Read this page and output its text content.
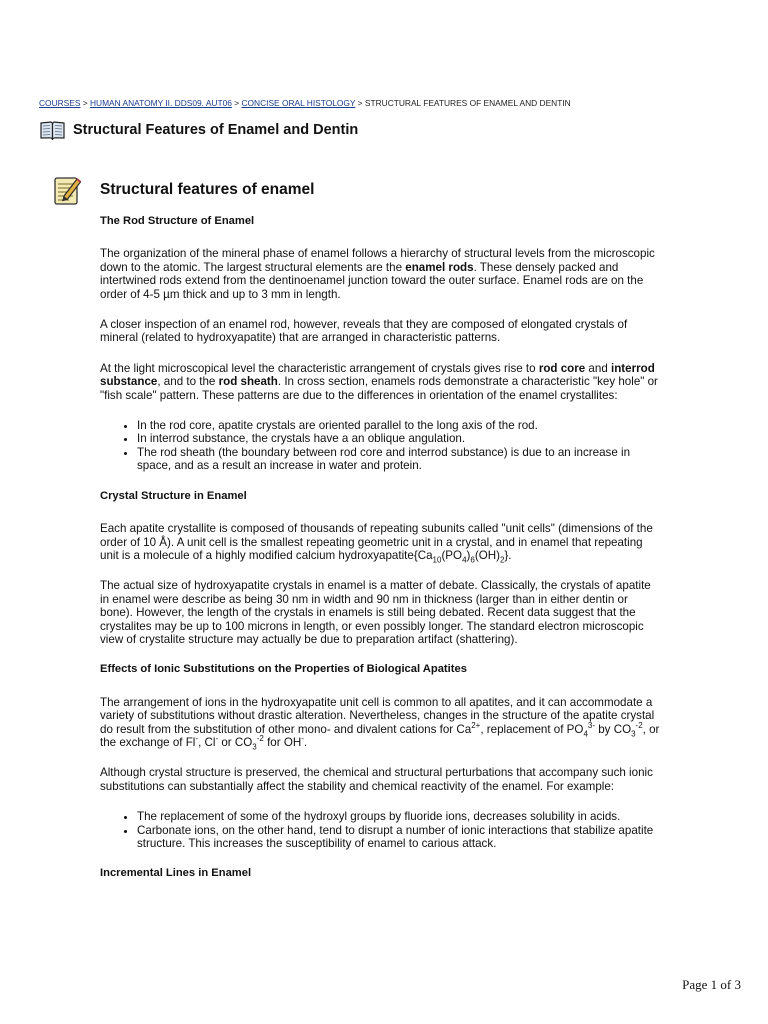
COURSES > HUMAN ANATOMY II. DDS09. AUT06 > CONCISE ORAL HISTOLOGY > STRUCTURAL FEATURES OF ENAMEL AND DENTIN
Structural Features of Enamel and Dentin
Structural features of enamel
The Rod Structure of Enamel

The organization of the mineral phase of enamel follows a hierarchy of structural levels from the microscopic down to the atomic. The largest structural elements are the enamel rods. These densely packed and intertwined rods extend from the dentinoenamel junction toward the outer surface. Enamel rods are on the order of 4-5 µm thick and up to 3 mm in length.

A closer inspection of an enamel rod, however, reveals that they are composed of elongated crystals of mineral (related to hydroxyapatite) that are arranged in characteristic patterns.

At the light microscopical level the characteristic arrangement of crystals gives rise to rod core and interrod substance, and to the rod sheath. In cross section, enamels rods demonstrate a characteristic "key hole" or "fish scale" pattern. These patterns are due to the differences in orientation of the enamel crystallites:

• In the rod core, apatite crystals are oriented parallel to the long axis of the rod.
• In interrod substance, the crystals have a an oblique angulation.
• The rod sheath (the boundary between rod core and interrod substance) is due to an increase in space, and as a result an increase in water and protein.
Crystal Structure in Enamel

Each apatite crystallite is composed of thousands of repeating subunits called "unit cells" (dimensions of the order of 10 Å). A unit cell is the smallest repeating geometric unit in a crystal, and in enamel that repeating unit is a molecule of a highly modified calcium $hydroxyapatite\{Ca_{10}(PO_4)_6(OH)_2\}$.

The actual size of hydroxyapatite crystals in enamel is a matter of debate. Classically, the crystals of apatite in enamel were describe as being 30 nm in width and 90 nm in thickness (larger than in either dentin or bone). However, the length of the crystals in enamels is still being debated. Recent data suggest that the crystalites may be up to 100 microns in length, or even possibly longer. The standard electron microscopic view of crystalite structure may actually be due to preparation artifact (shattering).

Effects of Ionic Substitutions on the Properties of Biological Apatites

The arrangement of ions in the hydroxyapatite unit cell is common to all apatites, and it can accommodate a variety of substitutions without drastic alteration. Nevertheless, changes in the structure of the apatite crystal do result from the substitution of other mono- and divalent cations for $Ca^{2+}$, replacement of $PO_4^{3-}$ by $CO_3^{-2}$, or the exchange of Fl-, Cl- or $CO_3^{-2}$ for OH-.

Although crystal structure is preserved, the chemical and structural perturbations that accompany such ionic substitutions can substantially affect the stability and chemical reactivity of the enamel. For example:

• The replacement of some of the hydroxyl groups by fluoride ions, decreases solubility in acids.
• Carbonate ions, on the other hand, tend to disrupt a number of ionic interactions that stabilize apatite structure. This increases the susceptibility of enamel to carious attack.
Incremental Lines in Enamel
Page 1 of 3
